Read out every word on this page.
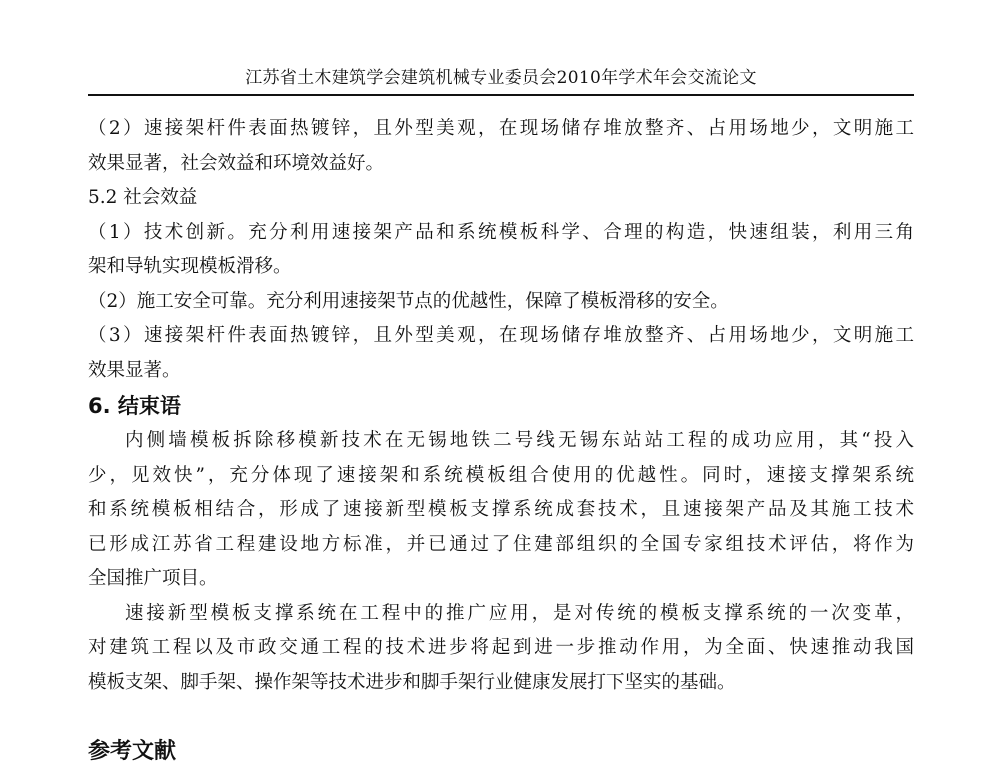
江苏省土木建筑学会建筑机械专业委员会2010年学术年会交流论文

（2）速接架杆件表面热镀锌，且外型美观，在现场储存堆放整齐、占用场地少，文明施工

效果显著，社会效益和环境效益好。

5.2 社会效益

（1）技术创新。充分利用速接架产品和系统模板科学、合理的构造，快速组装，利用三角

架和导轨实现模板滑移。

（2）施工安全可靠。充分利用速接架节点的优越性，保障了模板滑移的安全。

（3）速接架杆件表面热镀锌，且外型美观，在现场储存堆放整齐、占用场地少，文明施工

效果显著。

6. 结束语

内侧墙模板拆除移模新技术在无锡地铁二号线无锡东站站工程的成功应用，其“投入

少，见效快”，充分体现了速接架和系统模板组合使用的优越性。同时，速接支撑架系统

和系统模板相结合，形成了速接新型模板支撑系统成套技术，且速接架产品及其施工技术

已形成江苏省工程建设地方标准，并已通过了住建部组织的全国专家组技术评估，将作为

全国推广项目。

速接新型模板支撑系统在工程中的推广应用，是对传统的模板支撑系统的一次变革，

对建筑工程以及市政交通工程的技术进步将起到进一步推动作用，为全面、快速推动我国

模板支架、脚手架、操作架等技术进步和脚手架行业健康发展打下坚实的基础。

参考文献
